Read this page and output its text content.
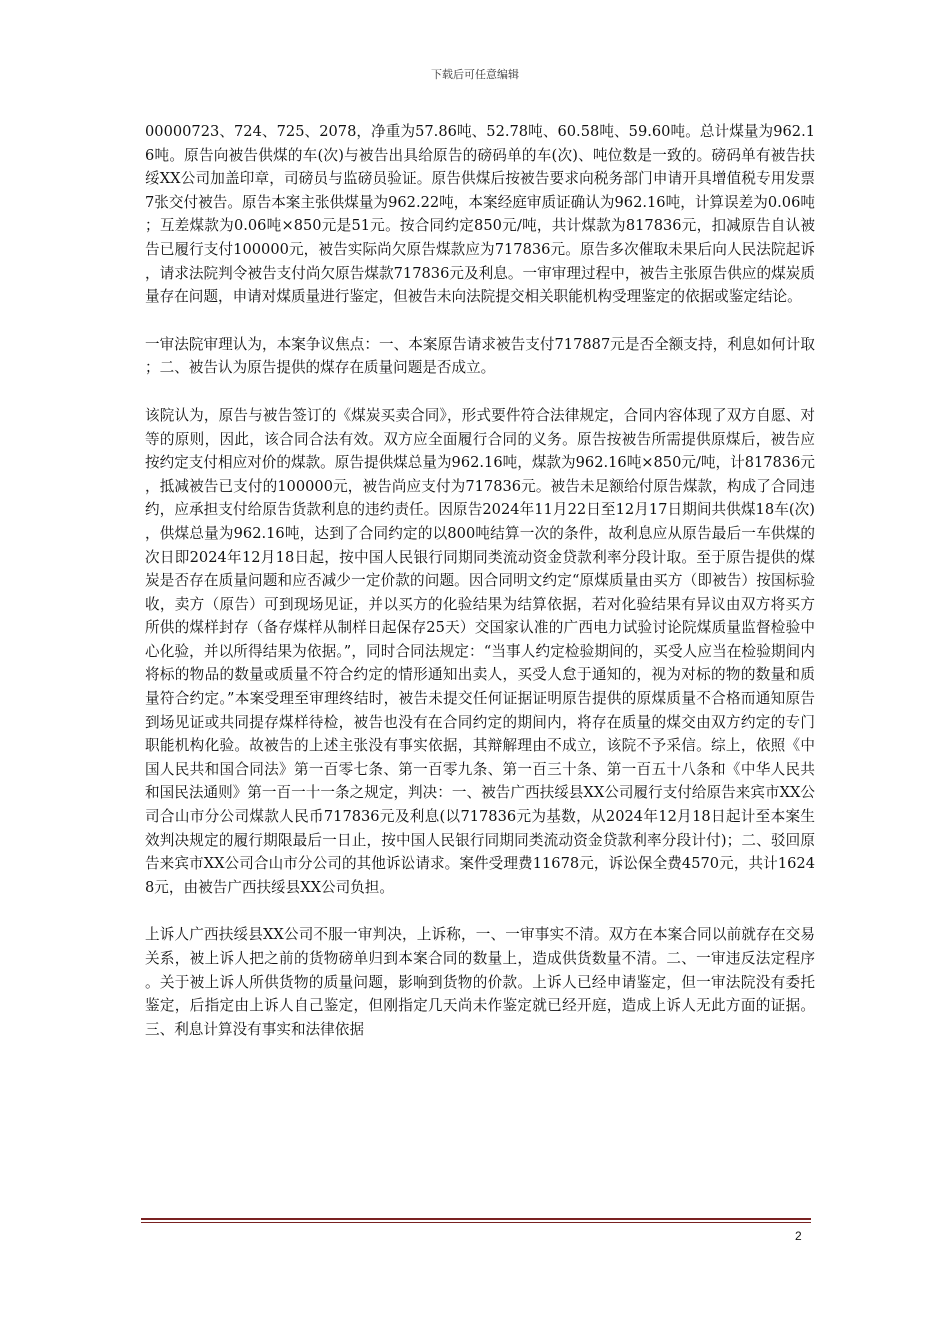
下载后可任意编辑

00000723、724、725、2078，净重为57.86吨、52.78吨、60.58吨、59.60吨。总计煤量为962.16吨。原告向被告供煤的车(次)与被告出具给原告的磅码单的车(次)、吨位数是一致的。磅码单有被告扶绥XX公司加盖印章，司磅员与监磅员验证。原告供煤后按被告要求向税务部门申请开具增值税专用发票7张交付被告。原告本案主张供煤量为962.22吨，本案经庭审质证确认为962.16吨，计算误差为0.06吨；互差煤款为0.06吨×850元是51元。按合同约定850元/吨，共计煤款为817836元，扣减原告自认被告已履行支付100000元，被告实际尚欠原告煤款应为717836元。原告多次催取未果后向人民法院起诉，请求法院判令被告支付尚欠原告煤款717836元及利息。一审审理过程中，被告主张原告供应的煤炭质量存在问题，申请对煤质量进行鉴定，但被告未向法院提交相关职能机构受理鉴定的依据或鉴定结论。

一审法院审理认为，本案争议焦点：一、本案原告请求被告支付717887元是否全额支持，利息如何计取；二、被告认为原告提供的煤存在质量问题是否成立。

该院认为，原告与被告签订的《煤炭买卖合同》，形式要件符合法律规定，合同内容体现了双方自愿、对等的原则，因此，该合同合法有效。双方应全面履行合同的义务。原告按被告所需提供原煤后，被告应按约定支付相应对价的煤款。原告提供煤总量为962.16吨，煤款为962.16吨×850元/吨，计817836元，抵减被告已支付的100000元，被告尚应支付为717836元。被告未足额给付原告煤款，构成了合同违约，应承担支付给原告货款利息的违约责任。因原告2024年11月22日至12月17日期间共供煤18车(次)，供煤总量为962.16吨，达到了合同约定的以800吨结算一次的条件，故利息应从原告最后一车供煤的次日即2024年12月18日起，按中国人民银行同期同类流动资金贷款利率分段计取。至于原告提供的煤炭是否存在质量问题和应否减少一定价款的问题。因合同明文约定“原煤质量由买方（即被告）按国标验收，卖方（原告）可到现场见证，并以买方的化验结果为结算依据，若对化验结果有异议由双方将买方所供的煤样封存（备存煤样从制样日起保存25天）交国家认准的广西电力试验讨论院煤质量监督检验中心化验，并以所得结果为依据。”，同时合同法规定：“当事人约定检验期间的，买受人应当在检验期间内将标的物品的数量或质量不符合约定的情形通知出卖人，买受人怠于通知的，视为对标的物的数量和质量符合约定。”本案受理至审理终结时，被告未提交任何证据证明原告提供的原煤质量不合格而通知原告到场见证或共同提存煤样待检，被告也没有在合同约定的期间内，将存在质量的煤交由双方约定的专门职能机构化验。故被告的上述主张没有事实依据，其辩解理由不成立，该院不予采信。综上，依照《中国人民共和国合同法》第一百零七条、第一百零九条、第一百三十条、第一百五十八条和《中华人民共和国民法通则》第一百一十一条之规定，判决：一、被告广西扶绥县XX公司履行支付给原告来宾市XX公司合山市分公司煤款人民币717836元及利息(以717836元为基数，从2024年12月18日起计至本案生效判决规定的履行期限最后一日止，按中国人民银行同期同类流动资金贷款利率分段计付)；二、驳回原告来宾市XX公司合山市分公司的其他诉讼请求。案件受理费11678元，诉讼保全费4570元，共计16248元，由被告广西扶绥县XX公司负担。

上诉人广西扶绥县XX公司不服一审判决，上诉称，一、一审事实不清。双方在本案合同以前就存在交易关系，被上诉人把之前的货物磅单归到本案合同的数量上，造成供货数量不清。二、一审违反法定程序。关于被上诉人所供货物的质量问题，影响到货物的价款。上诉人已经申请鉴定，但一审法院没有委托鉴定，后指定由上诉人自己鉴定，但刚指定几天尚未作鉴定就已经开庭，造成上诉人无此方面的证据。三、利息计算没有事实和法律依据

2
